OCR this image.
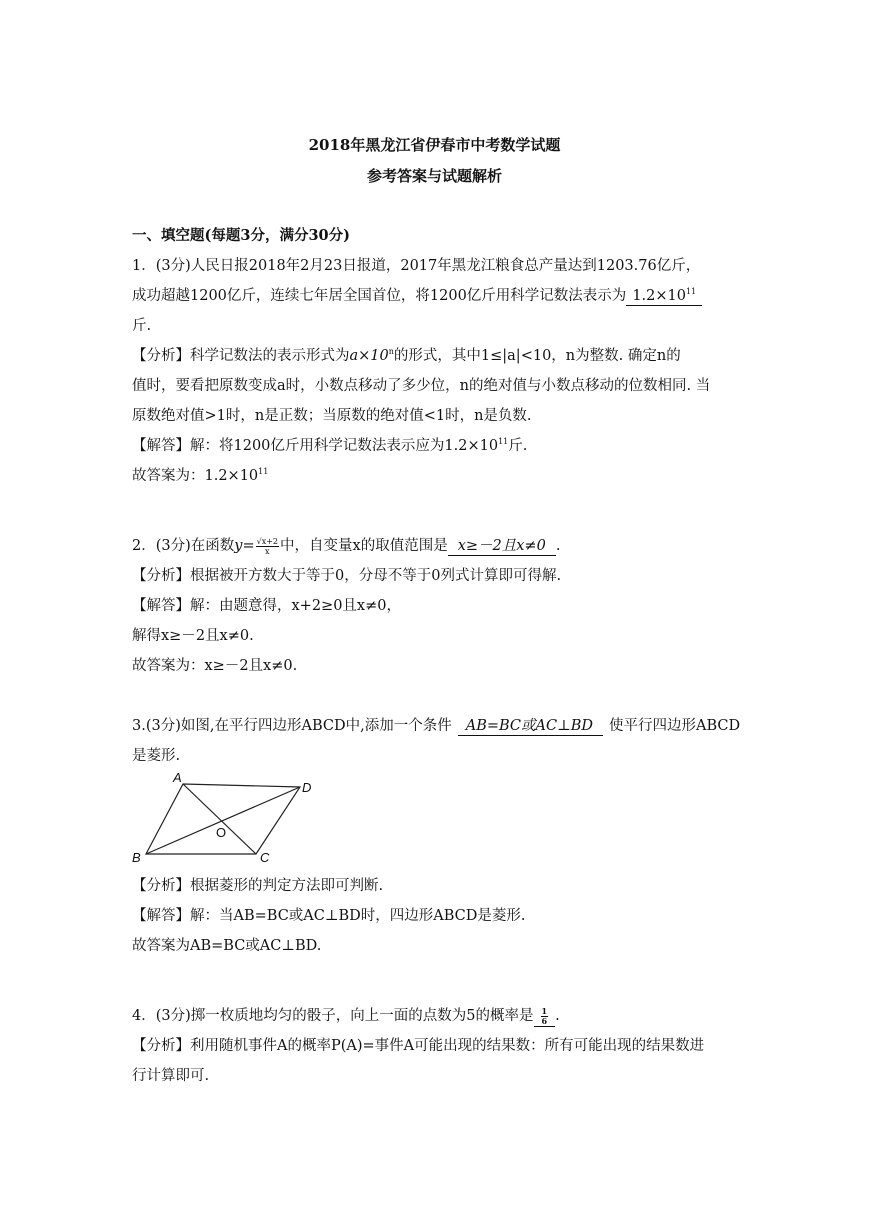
2018年黑龙江省伊春市中考数学试题
参考答案与试题解析
一、填空题(每题3分，满分30分)
1．(3分)人民日报2018年2月23日报道，2017年黑龙江粮食总产量达到1203.76亿斤，
成功超越1200亿斤，连续七年居全国首位，将1200亿斤用科学记数法表示为 $1.2\times 10^{11}$
斤.
【分析】科学记数法的表示形式为$a\times 10^n$的形式，其中1≤|a|<10，n为整数. 确定n的
值时，要看把原数变成a时，小数点移动了多少位，n的绝对值与小数点移动的位数相同. 当
原数绝对值>1时，n是正数；当原数的绝对值<1时，n是负数.
【解答】解：将1200亿斤用科学记数法表示应为$1.2\times 10^{11}$斤.
故答案为：$1.2\times 10^{11}$
2．(3分)在函数$y= \frac{√x+2}{x}$ 中，自变量x的取值范围是 x≥－2且x≠0 .
【分析】根据被开方数大于等于0，分母不等于0列式计算即可得解.
【解答】解：由题意得，x+2≥0且x≠0，
解得x≥－2且x≠0.
故答案为：x≥－2且x≠0.
3.(3分)如图,在平行四边形ABCD中,添加一个条件 AB=BC或AC⊥BD 使平行四边形ABCD
是菱形.
A
D
B	C
O
【分析】根据菱形的判定方法即可判断.
【解答】解：当AB=BC或AC⊥BD时，四边形ABCD是菱形.
故答案为AB=BC或AC⊥BD.
4．(3分)掷一枚质地均匀的骰子，向上一面的点数为5的概率是 $\frac{1}{6}$ .
【分析】利用随机事件A的概率P(A)=事件A可能出现的结果数：所有可能出现的结果数进
行计算即可.
